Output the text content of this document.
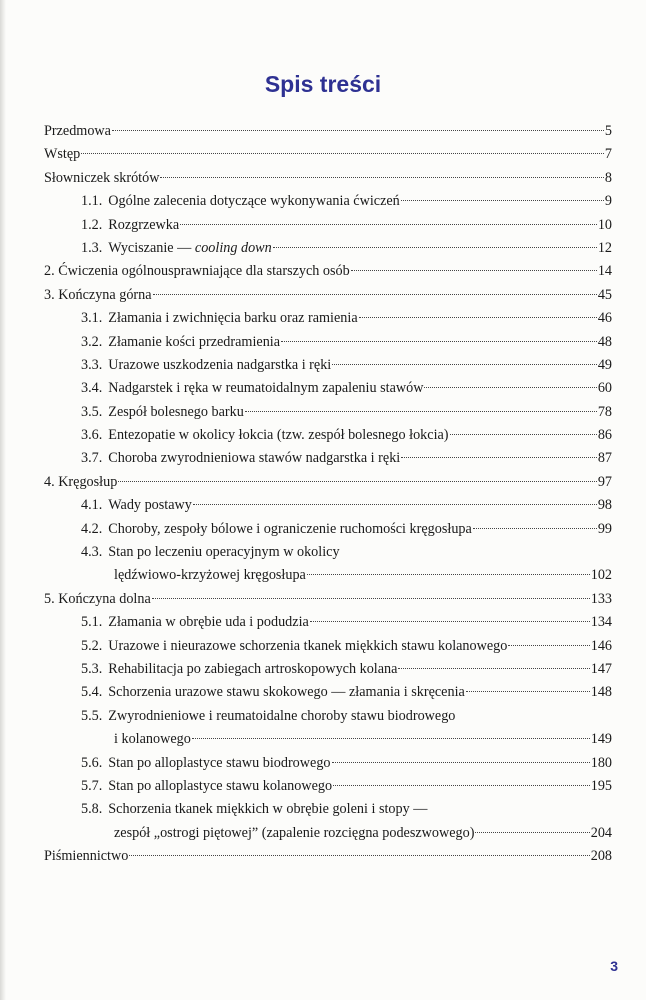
Spis treści
Przedmowa	5
Wstęp	7
Słowniczek skrótów	8
1.1. Ogólne zalecenia dotyczące wykonywania ćwiczeń	9
1.2. Rozgrzewka	10
1.3. Wyciszanie — cooling down	12
2. Ćwiczenia ogólnousprawniające dla starszych osób	14
3. Kończyna górna	45
3.1. Złamania i zwichnięcia barku oraz ramienia	46
3.2. Złamanie kości przedramienia	48
3.3. Urazowe uszkodzenia nadgarstka i ręki	49
3.4. Nadgarstek i ręka w reumatoidalnym zapaleniu stawów	60
3.5. Zespół bolesnego barku	78
3.6. Entezopatie w okolicy łokcia (tzw. zespół bolesnego łokcia)	86
3.7. Choroba zwyrodnieniowa stawów nadgarstka i ręki	87
4. Kręgosłup	97
4.1. Wady postawy	98
4.2. Choroby, zespoły bólowe i ograniczenie ruchomości kręgosłupa	99
4.3. Stan po leczeniu operacyjnym w okolicy
lędźwiowo-krzyżowej kręgosłupa	102
5. Kończyna dolna	133
5.1. Złamania w obrębie uda i podudzia	134
5.2. Urazowe i nieurazowe schorzenia tkanek miękkich stawu kolanowego	146
5.3. Rehabilitacja po zabiegach artroskopowych kolana	147
5.4. Schorzenia urazowe stawu skokowego — złamania i skręcenia	148
5.5. Zwyrodnieniowe i reumatoidalne choroby stawu biodrowego
i kolanowego	149
5.6. Stan po alloplastyce stawu biodrowego	180
5.7. Stan po alloplastyce stawu kolanowego	195
5.8. Schorzenia tkanek miękkich w obrębie goleni i stopy —
zespół „ostrogi piętowej” (zapalenie rozcięgna podeszwowego)	204
Piśmiennictwo	208
3
